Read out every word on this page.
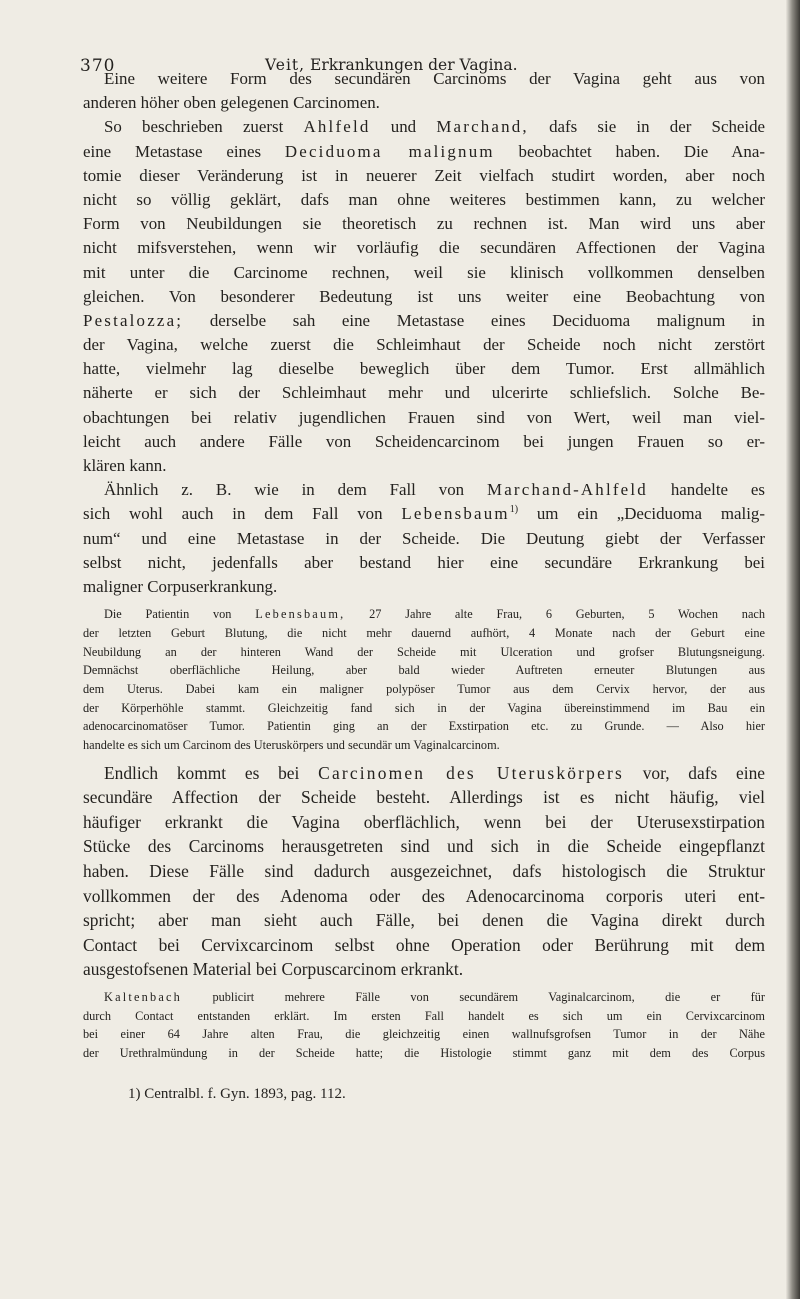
370	Veit, Erkrankungen der Vagina.
Eine weitere Form des secundären Carcinoms der Vagina geht aus von
anderen höher oben gelegenen Carcinomen.
So beschrieben zuerst Ahlfeld und Marchand, dafs sie in der Scheide
eine Metastase eines Deciduoma malignum beobachtet haben. Die Ana-
tomie dieser Veränderung ist in neuerer Zeit vielfach studirt worden, aber noch
nicht so völlig geklärt, dafs man ohne weiteres bestimmen kann, zu welcher
Form von Neubildungen sie theoretisch zu rechnen ist. Man wird uns aber
nicht mifsverstehen, wenn wir vorläufig die secundären Affectionen der Vagina
mit unter die Carcinome rechnen, weil sie klinisch vollkommen denselben
gleichen. Von besonderer Bedeutung ist uns weiter eine Beobachtung von
Pestalozza; derselbe sah eine Metastase eines Deciduoma malignum in
der Vagina, welche zuerst die Schleimhaut der Scheide noch nicht zerstört
hatte, vielmehr lag dieselbe beweglich über dem Tumor. Erst allmählich
näherte er sich der Schleimhaut mehr und ulcerirte schliefslich. Solche Be-
obachtungen bei relativ jugendlichen Frauen sind von Wert, weil man viel-
leicht auch andere Fälle von Scheidencarcinom bei jungen Frauen so er-
klären kann.
Ähnlich z. B. wie in dem Fall von Marchand-Ahlfeld handelte es
sich wohl auch in dem Fall von Lebensbaum$^{1)}$ um ein „Deciduoma malig-
num“ und eine Metastase in der Scheide. Die Deutung giebt der Verfasser
selbst nicht, jedenfalls aber bestand hier eine secundäre Erkrankung bei
maligner Corpuserkrankung.
Die Patientin von Lebensbaum, 27 Jahre alte Frau, 6 Geburten, 5 Wochen nach
der letzten Geburt Blutung, die nicht mehr dauernd aufhört, 4 Monate nach der Geburt eine
Neubildung an der hinteren Wand der Scheide mit Ulceration und grofser Blutungsneigung.
Demnächst oberflächliche Heilung, aber bald wieder Auftreten erneuter Blutungen aus
dem Uterus. Dabei kam ein maligner polypöser Tumor aus dem Cervix hervor, der aus
der Körperhöhle stammt. Gleichzeitig fand sich in der Vagina übereinstimmend im Bau ein
adenocarcinomatöser Tumor. Patientin ging an der Exstirpation etc. zu Grunde. — Also hier
handelte es sich um Carcinom des Uteruskörpers und secundär um Vaginalcarcinom.
Endlich kommt es bei Carcinomen des Uteruskörpers vor, dafs eine
secundäre Affection der Scheide besteht. Allerdings ist es nicht häufig, viel
häufiger erkrankt die Vagina oberflächlich, wenn bei der Uterusexstirpation
Stücke des Carcinoms herausgetreten sind und sich in die Scheide eingepflanzt
haben. Diese Fälle sind dadurch ausgezeichnet, dafs histologisch die Struktur
vollkommen der des Adenoma oder des Adenocarcinoma corporis uteri ent-
spricht; aber man sieht auch Fälle, bei denen die Vagina direkt durch
Contact bei Cervixcarcinom selbst ohne Operation oder Berührung mit dem
ausgestofsenen Material bei Corpuscarcinom erkrankt.
Kaltenbach publicirt mehrere Fälle von secundärem Vaginalcarcinom, die er für
durch Contact entstanden erklärt. Im ersten Fall handelt es sich um ein Cervixcarcinom
bei einer 64 Jahre alten Frau, die gleichzeitig einen wallnufsgrofsen Tumor in der Nähe
der Urethralmündung in der Scheide hatte; die Histologie stimmt ganz mit dem des Corpus
1) Centralbl. f. Gyn. 1893, pag. 112.
